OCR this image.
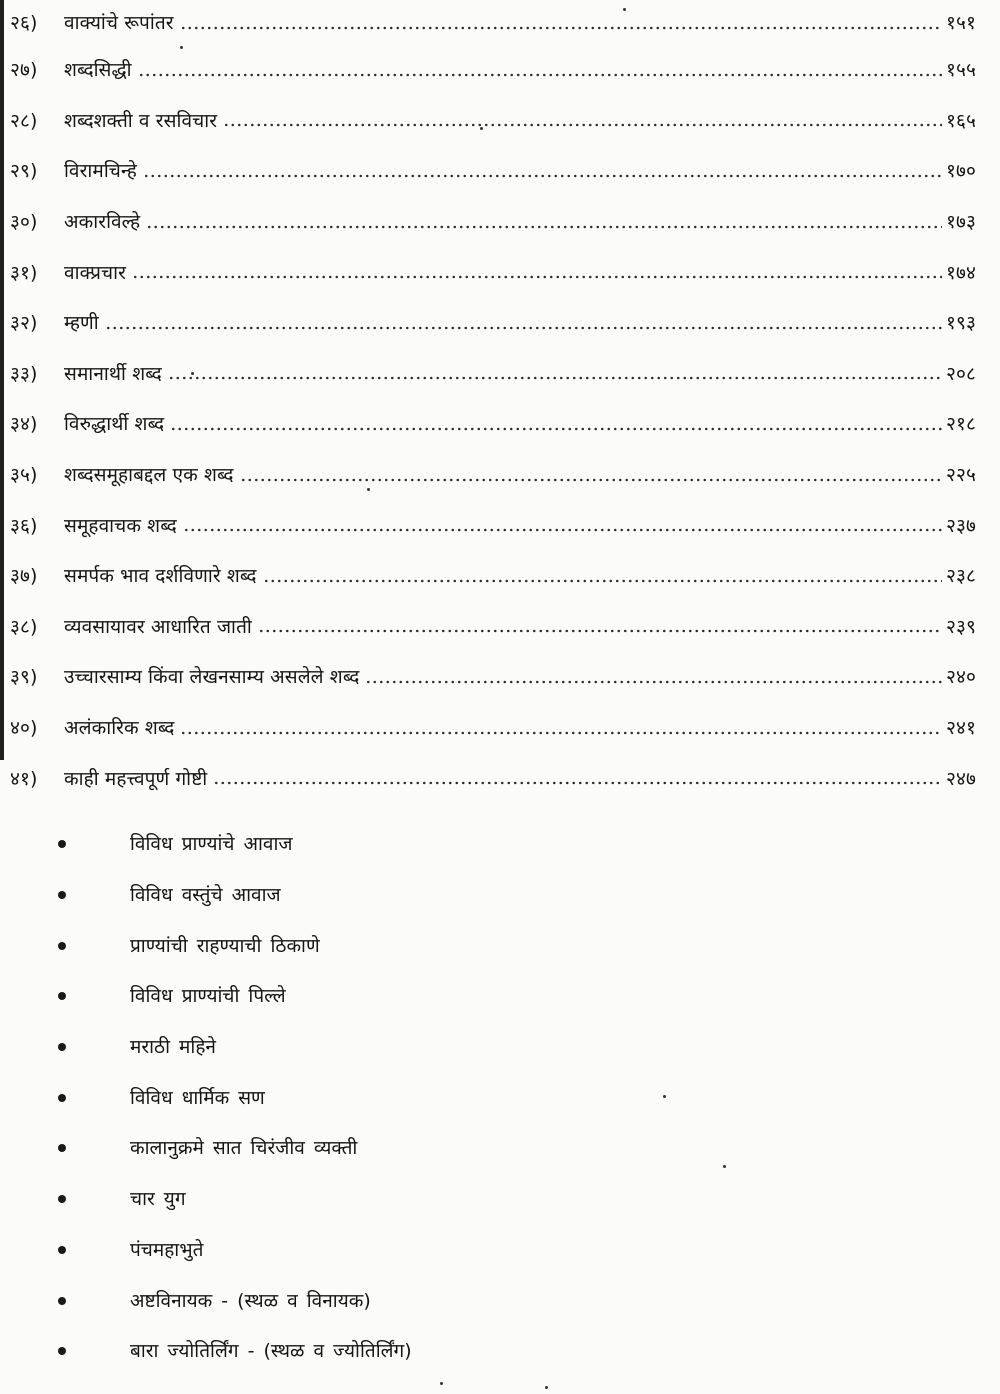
२६)	वाक्यांचे रूपांतर	१५१
२७)	शब्दसिद्धी	१५५
२८)	शब्दशक्ती व रसविचार	१६५
२९)	विरामचिन्हे	१७०
३०)	अकारविल्हे	१७३
३१)	वाक्प्रचार	१७४
३२)	म्हणी	१९३
३३)	समानार्थी शब्द	२०८
३४)	विरुद्धार्थी शब्द	२१८
३५)	शब्दसमूहाबद्दल एक शब्द	२२५
३६)	समूहवाचक शब्द	२३७
३७)	समर्पक भाव दर्शविणारे शब्द	२३८
३८)	व्यवसायावर आधारित जाती	२३९
३९)	उच्चारसाम्य किंवा लेखनसाम्य असलेले शब्द	२४०
४०)	अलंकारिक शब्द	२४१
४१)	काही महत्त्वपूर्ण गोष्टी	२४७
विविध प्राण्यांचे आवाज
विविध वस्तुंचे आवाज
प्राण्यांची राहण्याची ठिकाणे
विविध प्राण्यांची पिल्ले
मराठी महिने
विविध धार्मिक सण
कालानुक्रमे सात चिरंजीव व्यक्ती
चार युग
पंचमहाभुते
अष्टविनायक - (स्थळ व विनायक)
बारा ज्योतिर्लिंग - (स्थळ व ज्योतिर्लिंग)
